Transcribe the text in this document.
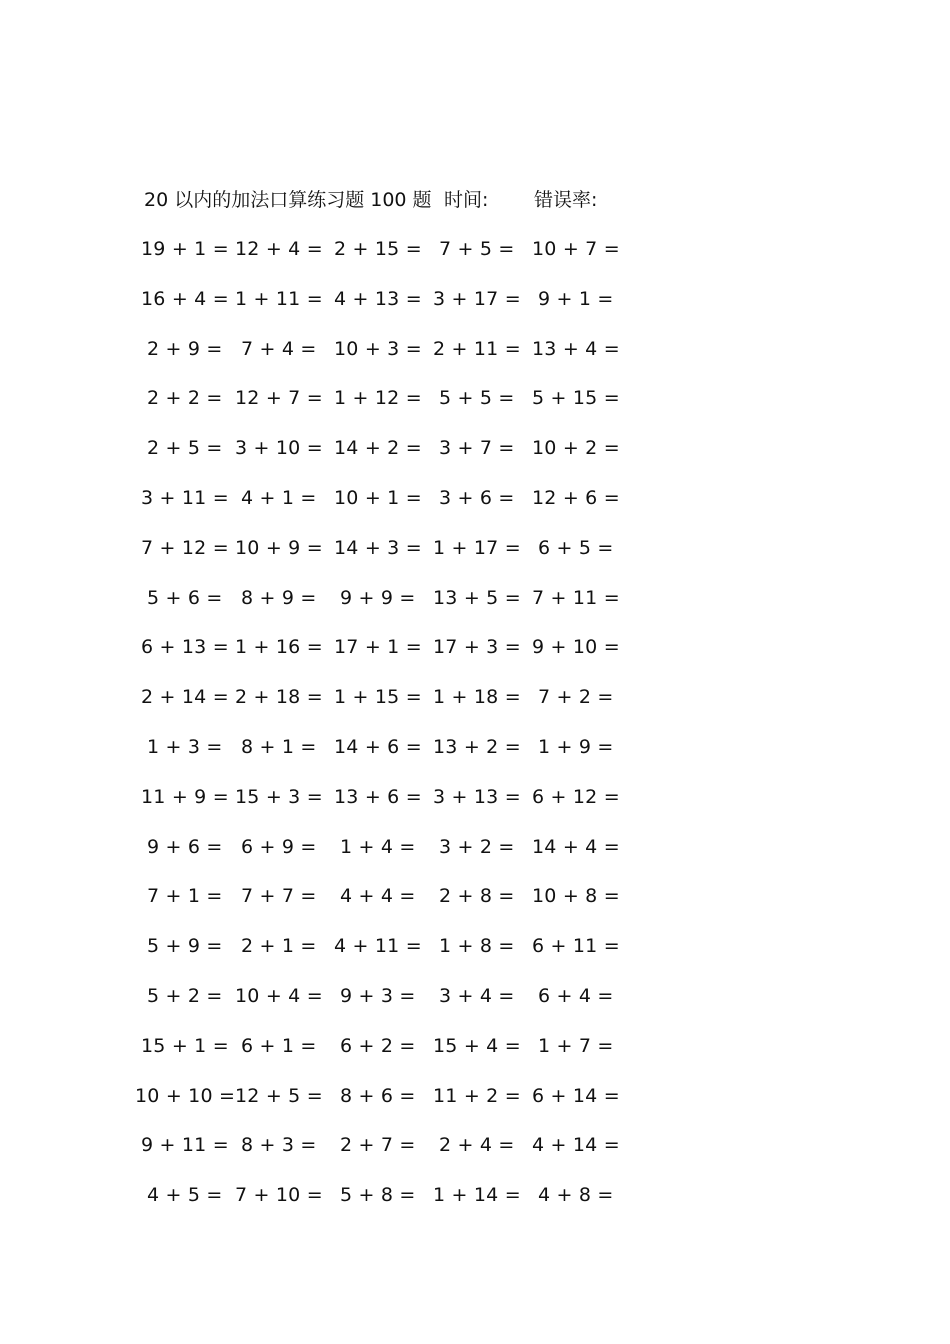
20 以内的加法口算练习题 100 题 时间: 错误率:
19 + 1 = 12 + 4 = 2 + 15 = 7 + 5 = 10 + 7 =
16 + 4 = 1 + 11 = 4 + 13 = 3 + 17 = 9 + 1 =
2 + 9 = 7 + 4 = 10 + 3 = 2 + 11 = 13 + 4 =
2 + 2 = 12 + 7 = 1 + 12 = 5 + 5 = 5 + 15 =
2 + 5 = 3 + 10 = 14 + 2 = 3 + 7 = 10 + 2 =
3 + 11 = 4 + 1 = 10 + 1 = 3 + 6 = 12 + 6 =
7 + 12 = 10 + 9 = 14 + 3 = 1 + 17 = 6 + 5 =
5 + 6 = 8 + 9 = 9 + 9 = 13 + 5 = 7 + 11 =
6 + 13 = 1 + 16 = 17 + 1 = 17 + 3 = 9 + 10 =
2 + 14 = 2 + 18 = 1 + 15 = 1 + 18 = 7 + 2 =
1 + 3 = 8 + 1 = 14 + 6 = 13 + 2 = 1 + 9 =
11 + 9 = 15 + 3 = 13 + 6 = 3 + 13 = 6 + 12 =
9 + 6 = 6 + 9 = 1 + 4 = 3 + 2 = 14 + 4 =
7 + 1 = 7 + 7 = 4 + 4 = 2 + 8 = 10 + 8 =
5 + 9 = 2 + 1 = 4 + 11 = 1 + 8 = 6 + 11 =
5 + 2 = 10 + 4 = 9 + 3 = 3 + 4 = 6 + 4 =
15 + 1 = 6 + 1 = 6 + 2 = 15 + 4 = 1 + 7 =
10 + 10 = 12 + 5 = 8 + 6 = 11 + 2 = 6 + 14 =
9 + 11 = 8 + 3 = 2 + 7 = 2 + 4 = 4 + 14 =
4 + 5 = 7 + 10 = 5 + 8 = 1 + 14 = 4 + 8 =
